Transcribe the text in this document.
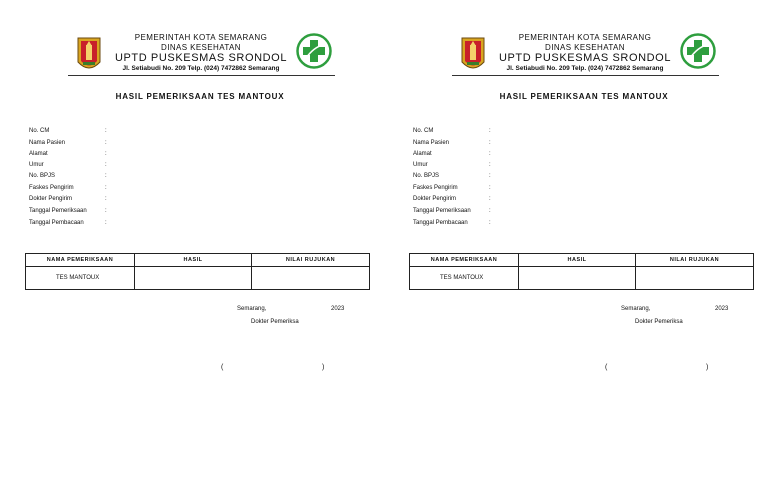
PEMERINTAH KOTA SEMARANG
DINAS KESEHATAN
UPTD PUSKESMAS SRONDOL
Jl. Setiabudi No. 209 Telp. (024) 7472862 Semarang
HASIL PEMERIKSAAN TES MANTOUX
No. CM	:
Nama Pasien	:
Alamat	:
Umur	:
No. BPJS	:
Faskes Pengirim	:
Dokter Pengirim	:
Tanggal Pemeriksaan	:
Tanggal Pembacaan	:
NAMA PEMERIKSAAN	HASIL	NILAI RUJUKAN
TES MANTOUX		
Semarang,	2023
Dokter Pemeriksa
(	)
PEMERINTAH KOTA SEMARANG
DINAS KESEHATAN
UPTD PUSKESMAS SRONDOL
Jl. Setiabudi No. 209 Telp. (024) 7472862 Semarang
HASIL PEMERIKSAAN TES MANTOUX
No. CM	:
Nama Pasien	:
Alamat	:
Umur	:
No. BPJS	:
Faskes Pengirim	:
Dokter Pengirim	:
Tanggal Pemeriksaan	:
Tanggal Pembacaan	:
NAMA PEMERIKSAAN	HASIL	NILAI RUJUKAN
TES MANTOUX		
Semarang,	2023
Dokter Pemeriksa
(	)
